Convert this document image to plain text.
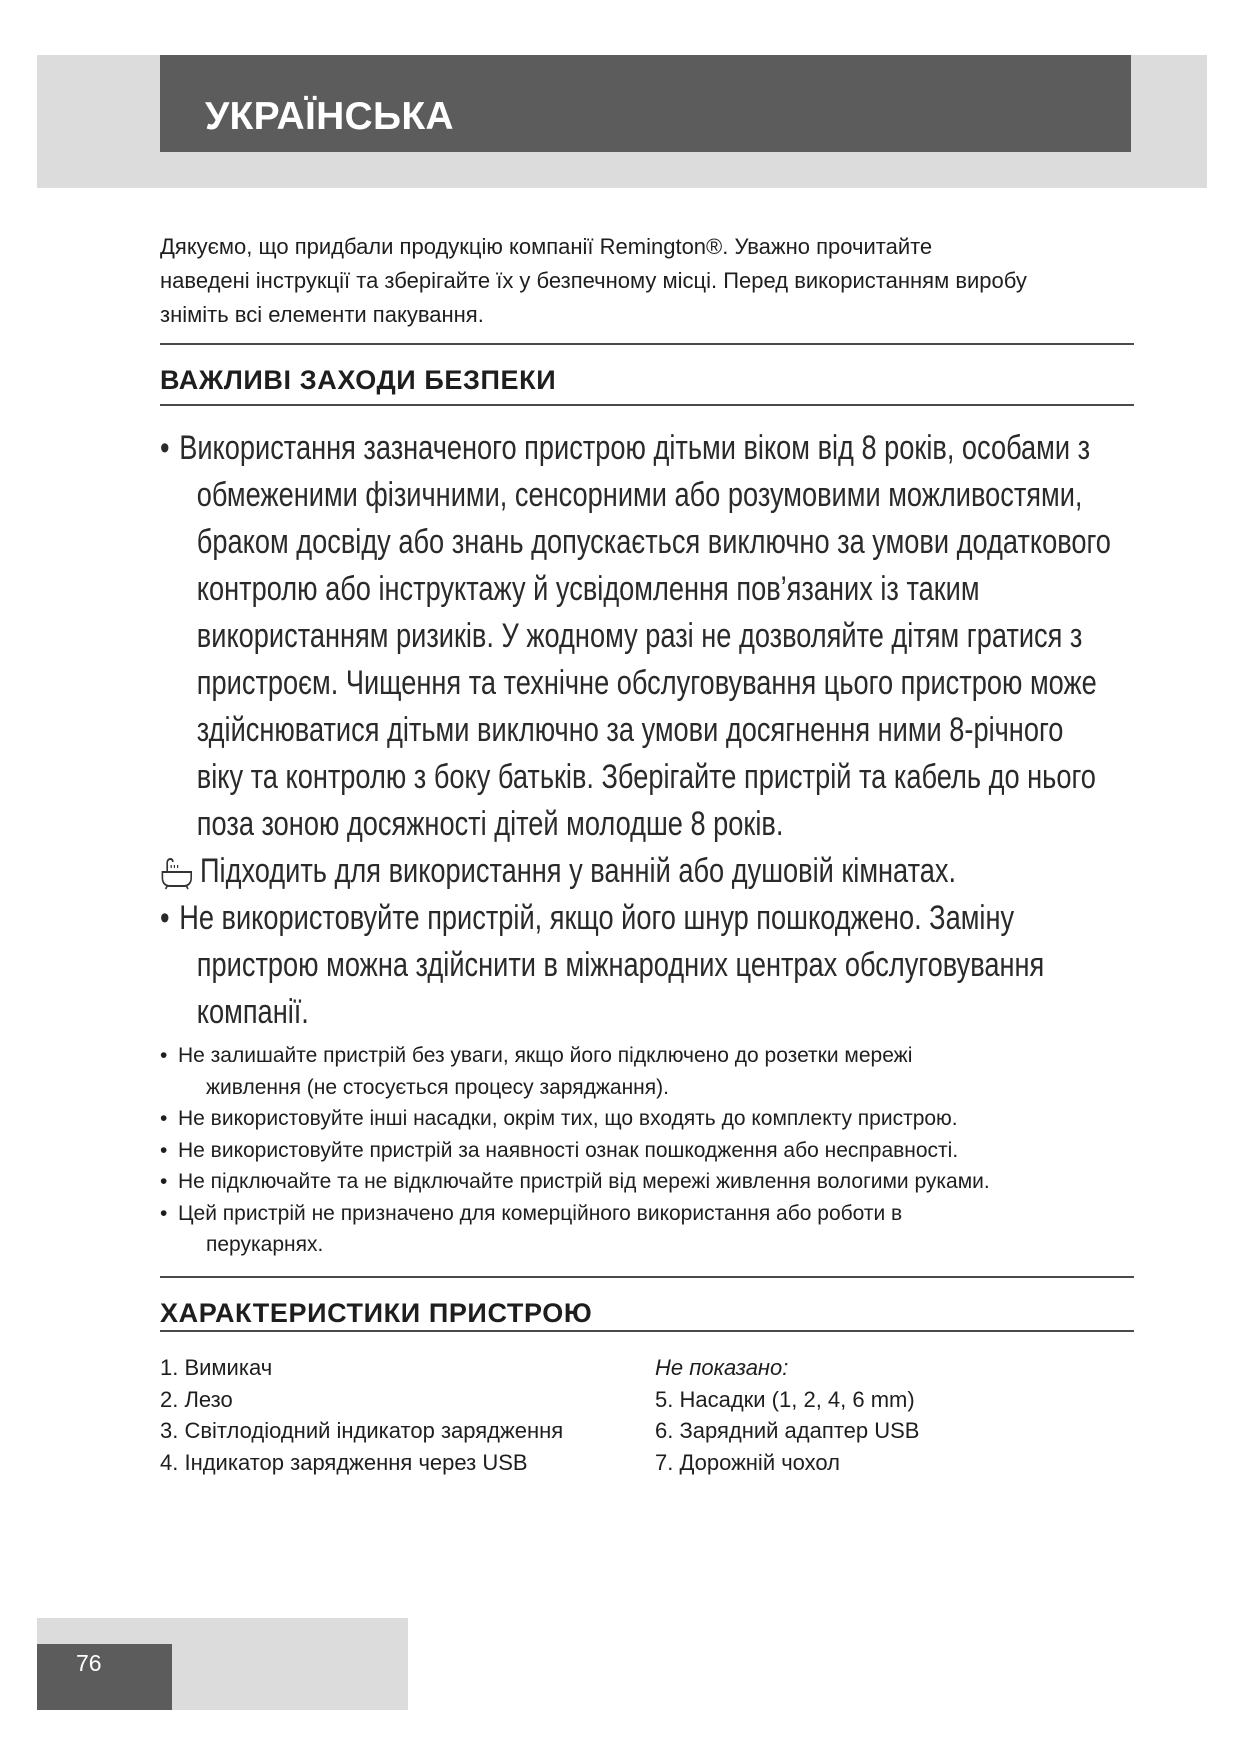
УКРАЇНСЬКА
Дякуємо, що придбали продукцію компанії Remington®. Уважно прочитайте
наведені інструкції та зберігайте їх у безпечному місці. Перед використанням виробу
зніміть всі елементи пакування.
ВАЖЛИВІ ЗАХОДИ БЕЗПЕКИ
• Використання зазначеного пристрою дітьми віком від 8 років, особами з
обмеженими фізичними, сенсорними або розумовими можливостями,
браком досвіду або знань допускається виключно за умови додаткового
контролю або інструктажу й усвідомлення пов’язаних із таким
використанням ризиків. У жодному разі не дозволяйте дітям гратися з
пристроєм. Чищення та технічне обслуговування цього пристрою може
здійснюватися дітьми виключно за умови досягнення ними 8-річного
віку та контролю з боку батьків. Зберігайте пристрій та кабель до нього
поза зоною досяжності дітей молодше 8 років.
Підходить для використання у ванній або душовій кімнатах.
• Не використовуйте пристрій, якщо його шнур пошкоджено. Заміну
пристрою можна здійснити в міжнародних центрах обслуговування
компанії.
• Не залишайте пристрій без уваги, якщо його підключено до розетки мережі
живлення (не стосується процесу заряджання).
• Не використовуйте інші насадки, окрім тих, що входять до комплекту пристрою.
• Не використовуйте пристрій за наявності ознак пошкодження або несправності.
• Не підключайте та не відключайте пристрій від мережі живлення вологими руками.
• Цей пристрій не призначено для комерційного використання або роботи в
перукарнях.
ХАРАКТЕРИСТИКИ ПРИСТРОЮ
1. Вимикач
2. Лезо
3. Світлодіодний індикатор зарядження
4. Індикатор зарядження через USB
Не показано:
5. Насадки (1, 2, 4, 6 mm)
6. Зарядний адаптер USB
7. Дорожній чохол
76
